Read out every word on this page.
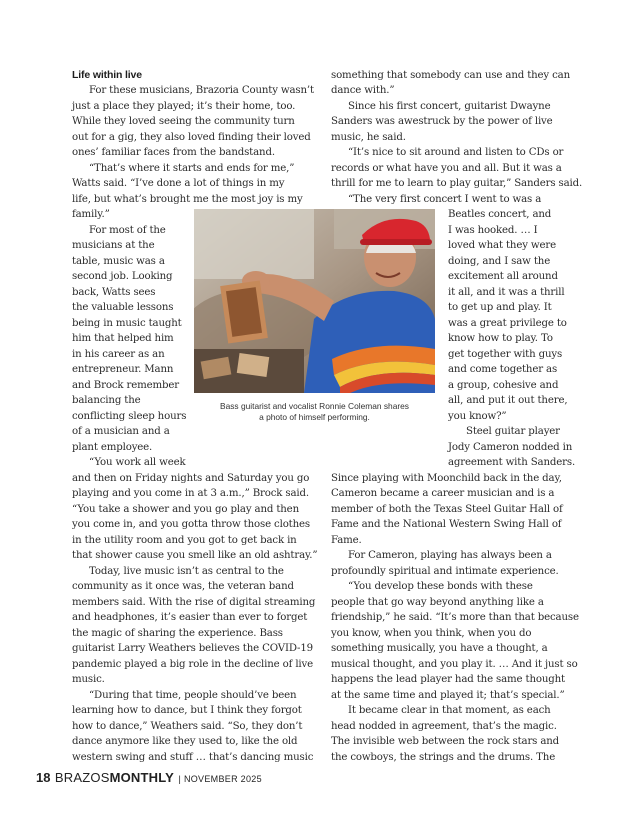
Life within live

For these musicians, Brazoria County wasn’t

just a place they played; it’s their home, too.

While they loved seeing the community turn

out for a gig, they also loved finding their loved

ones’ familiar faces from the bandstand.

“That’s where it starts and ends for me,”

Watts said. “I’ve done a lot of things in my

life, but what’s brought me the most joy is my

family.”

For most of the

musicians at the

table, music was a

second job. Looking

back, Watts sees

the valuable lessons

being in music taught

him that helped him

in his career as an

entrepreneur. Mann

and Brock remember

balancing the

conflicting sleep hours

of a musician and a

plant employee.

“You work all week

and then on Friday nights and Saturday you go

playing and you come in at 3 a.m.,” Brock said.

“You take a shower and you go play and then

you come in, and you gotta throw those clothes

in the utility room and you got to get back in

that shower cause you smell like an old ashtray.”

Today, live music isn’t as central to the

community as it once was, the veteran band

members said. With the rise of digital streaming

and headphones, it’s easier than ever to forget

the magic of sharing the experience. Bass

guitarist Larry Weathers believes the COVID-19

pandemic played a big role in the decline of live

music.

“During that time, people should’ve been

learning how to dance, but I think they forgot

how to dance,” Weathers said. “So, they don’t

dance anymore like they used to, like the old

western swing and stuff … that’s dancing music

something that somebody can use and they can

dance with.”

Since his first concert, guitarist Dwayne

Sanders was awestruck by the power of live

music, he said.

“It’s nice to sit around and listen to CDs or

records or what have you and all. But it was a

thrill for me to learn to play guitar,” Sanders said.

“The very first concert I went to was a

Beatles concert, and

I was hooked. … I

loved what they were

doing, and I saw the

excitement all around

it all, and it was a thrill

to get up and play. It

was a great privilege to

know how to play. To

get together with guys

and come together as

a group, cohesive and

all, and put it out there,

you know?”

Steel guitar player

Jody Cameron nodded in

agreement with Sanders.

Since playing with Moonchild back in the day,

Cameron became a career musician and is a

member of both the Texas Steel Guitar Hall of

Fame and the National Western Swing Hall of

Fame.

For Cameron, playing has always been a

profoundly spiritual and intimate experience.

“You develop these bonds with these

people that go way beyond anything like a

friendship,” he said. “It’s more than that because

you know, when you think, when you do

something musically, you have a thought, a

musical thought, and you play it. … And it just so

happens the lead player had the same thought

at the same time and played it; that’s special.”

It became clear in that moment, as each

head nodded in agreement, that’s the magic.

The invisible web between the rock stars and

the cowboys, the strings and the drums. The

Bass guitarist and vocalist Ronnie Coleman shares
a photo of himself performing.
18 BRAZOSMONTHLY | NOVEMBER 2025
